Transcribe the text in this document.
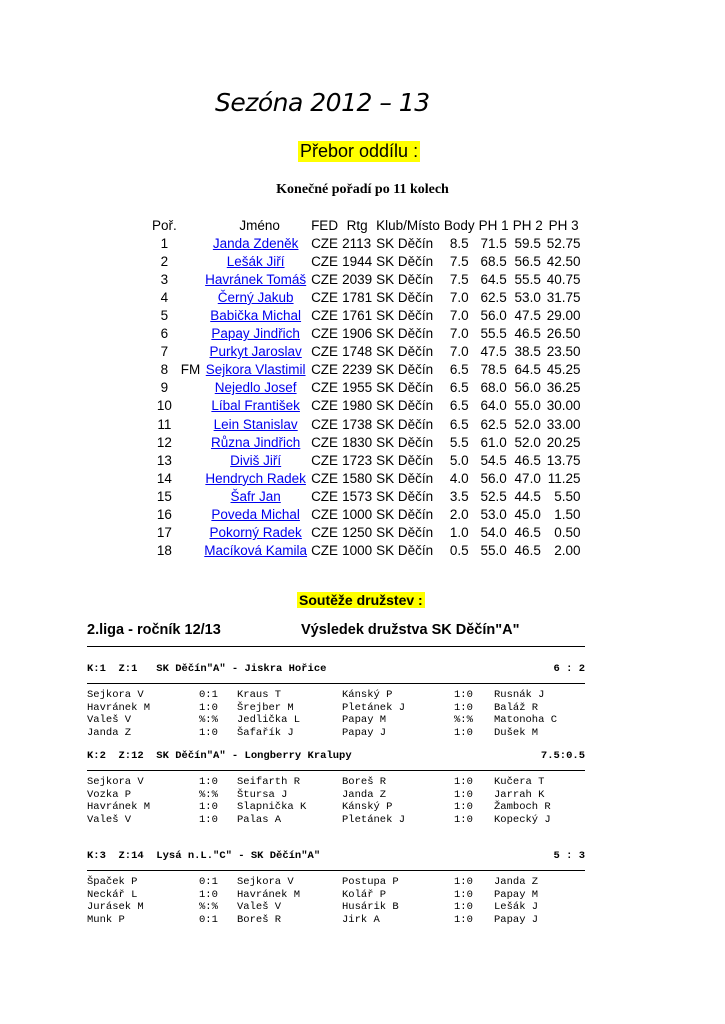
Sezóna 2012 – 13
Přebor oddílu :
Konečné pořadí po 11 kolech
Poř.		Jméno	FED	Rtg	Klub/Místo	Body	PH 1	PH 2	PH 3
1		Janda Zdeněk	CZE	2113	SK Děčín	8.5	71.5	59.5	52.75
2		Lešák Jiří	CZE	1944	SK Děčín	7.5	68.5	56.5	42.50
3		Havránek Tomáš	CZE	2039	SK Děčín	7.5	64.5	55.5	40.75
4		Černý Jakub	CZE	1781	SK Děčín	7.0	62.5	53.0	31.75
5		Babička Michal	CZE	1761	SK Děčín	7.0	56.0	47.5	29.00
6		Papay Jindřich	CZE	1906	SK Děčín	7.0	55.5	46.5	26.50
7		Purkyt Jaroslav	CZE	1748	SK Děčín	7.0	47.5	38.5	23.50
8	FM	Sejkora Vlastimil	CZE	2239	SK Děčín	6.5	78.5	64.5	45.25
9		Nejedlo Josef	CZE	1955	SK Děčín	6.5	68.0	56.0	36.25
10		Líbal František	CZE	1980	SK Děčín	6.5	64.0	55.0	30.00
11		Lein Stanislav	CZE	1738	SK Děčín	6.5	62.5	52.0	33.00
12		Různa Jindřich	CZE	1830	SK Děčín	5.5	61.0	52.0	20.25
13		Diviš Jiří	CZE	1723	SK Děčín	5.0	54.5	46.5	13.75
14		Hendrych Radek	CZE	1580	SK Děčín	4.0	56.0	47.0	11.25
15		Šafr Jan	CZE	1573	SK Děčín	3.5	52.5	44.5	5.50
16		Poveda Michal	CZE	1000	SK Děčín	2.0	53.0	45.0	1.50
17		Pokorný Radek	CZE	1250	SK Děčín	1.0	54.0	46.5	0.50
18		Macíková Kamila	CZE	1000	SK Děčín	0.5	55.0	46.5	2.00
Soutěže družstev :
2.liga - ročník 12/13	Výsledek družstva SK Děčín"A"
K:1  Z:1   SK Děčín"A" - Jiskra Hořice	6 : 2
Sejkora V	0:1 Kraus T	Kánský P	1:0 Rusnák J
Havránek M	1:0 Šrejber M	Pletánek J	1:0 Baláž R
Valeš V	%:% Jedlička L	Papay M	%:% Matonoha C
Janda Z	1:0 Šafařík J	Papay J	1:0 Dušek M
K:2  Z:12  SK Děčín"A" - Longberry Kralupy	7.5:0.5
Sejkora V	1:0 Seifarth R	Boreš R	1:0 Kučera T
Vozka P	%:% Štursa J	Janda Z	1:0 Jarrah K
Havránek M	1:0 Slapnička K	Kánský P	1:0 Žamboch R
Valeš V	1:0 Palas A	Pletánek J	1:0 Kopecký J
K:3  Z:14  Lysá n.L."C" - SK Děčín"A"	5 : 3
Špaček P	0:1 Sejkora V	Postupa P	1:0 Janda Z
Neckář L	1:0 Havránek M	Kolář P	1:0 Papay M
Jurásek M	%:% Valeš V	Husárik B	1:0 Lešák J
Munk P	0:1 Boreš R	Jirk A	1:0 Papay J
